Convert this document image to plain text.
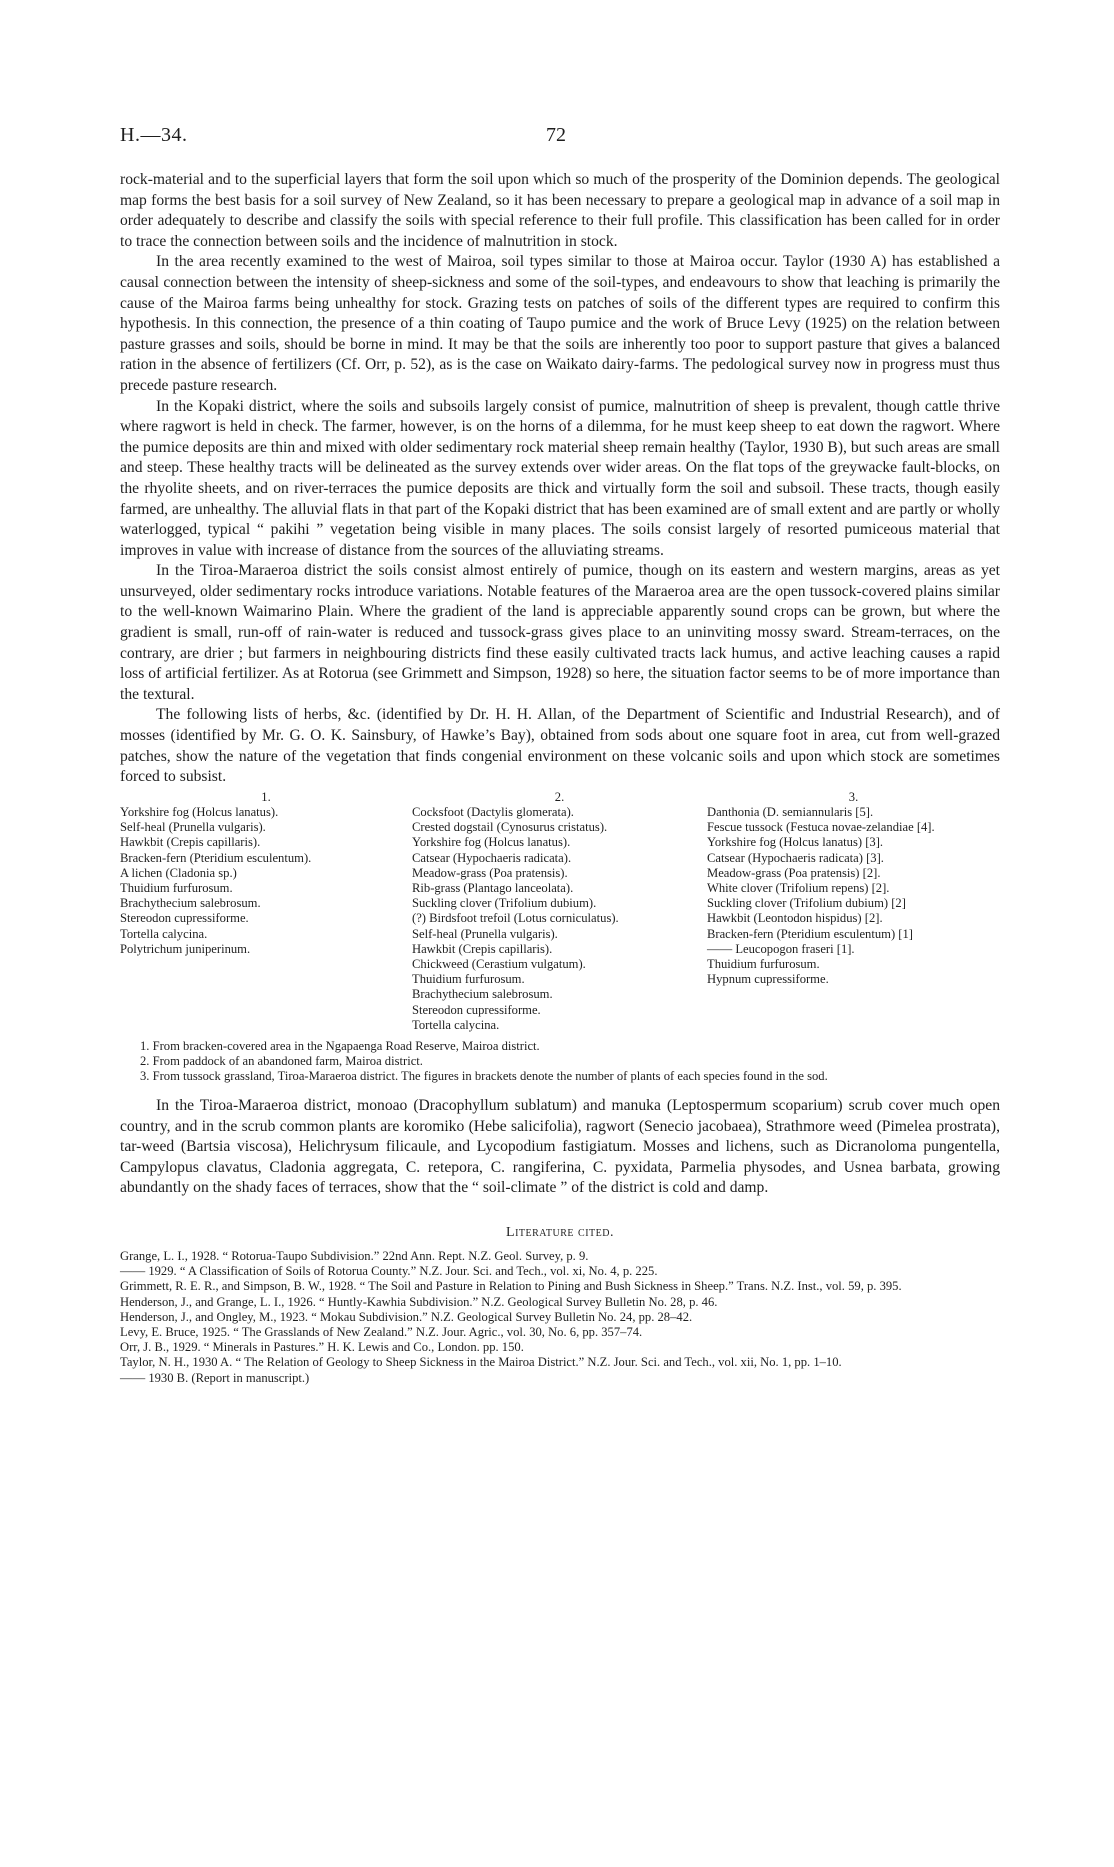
H.—34.	72

rock-material and to the superficial layers that form the soil upon which so much of the prosperity of the Dominion depends. The geological map forms the best basis for a soil survey of New Zealand, so it has been necessary to prepare a geological map in advance of a soil map in order adequately to describe and classify the soils with special reference to their full profile. This classification has been called for in order to trace the connection between soils and the incidence of malnutrition in stock.

In the area recently examined to the west of Mairoa, soil types similar to those at Mairoa occur. Taylor (1930 A) has established a causal connection between the intensity of sheep-sickness and some of the soil-types, and endeavours to show that leaching is primarily the cause of the Mairoa farms being unhealthy for stock. Grazing tests on patches of soils of the different types are required to confirm this hypothesis. In this connection, the presence of a thin coating of Taupo pumice and the work of Bruce Levy (1925) on the relation between pasture grasses and soils, should be borne in mind. It may be that the soils are inherently too poor to support pasture that gives a balanced ration in the absence of fertilizers (Cf. Orr, p. 52), as is the case on Waikato dairy-farms. The pedological survey now in progress must thus precede pasture research.

In the Kopaki district, where the soils and subsoils largely consist of pumice, malnutrition of sheep is prevalent, though cattle thrive where ragwort is held in check. The farmer, however, is on the horns of a dilemma, for he must keep sheep to eat down the ragwort. Where the pumice deposits are thin and mixed with older sedimentary rock material sheep remain healthy (Taylor, 1930 B), but such areas are small and steep. These healthy tracts will be delineated as the survey extends over wider areas. On the flat tops of the greywacke fault-blocks, on the rhyolite sheets, and on river-terraces the pumice deposits are thick and virtually form the soil and subsoil. These tracts, though easily farmed, are unhealthy. The alluvial flats in that part of the Kopaki district that has been examined are of small extent and are partly or wholly waterlogged, typical “ pakihi ” vegetation being visible in many places. The soils consist largely of resorted pumiceous material that improves in value with increase of distance from the sources of the alluviating streams.

In the Tiroa-Maraeroa district the soils consist almost entirely of pumice, though on its eastern and western margins, areas as yet unsurveyed, older sedimentary rocks introduce variations. Notable features of the Maraeroa area are the open tussock-covered plains similar to the well-known Waimarino Plain. Where the gradient of the land is appreciable apparently sound crops can be grown, but where the gradient is small, run-off of rain-water is reduced and tussock-grass gives place to an uninviting mossy sward. Stream-terraces, on the contrary, are drier ; but farmers in neighbouring districts find these easily cultivated tracts lack humus, and active leaching causes a rapid loss of artificial fertilizer. As at Rotorua (see Grimmett and Simpson, 1928) so here, the situation factor seems to be of more importance than the textural.

The following lists of herbs, &c. (identified by Dr. H. H. Allan, of the Department of Scientific and Industrial Research), and of mosses (identified by Mr. G. O. K. Sainsbury, of Hawke’s Bay), obtained from sods about one square foot in area, cut from well-grazed patches, show the nature of the vegetation that finds congenial environment on these volcanic soils and upon which stock are sometimes forced to subsist.

1.
Yorkshire fog (Holcus lanatus).
Self-heal (Prunella vulgaris).
Hawkbit (Crepis capillaris).
Bracken-fern (Pteridium esculentum).
A lichen (Cladonia sp.)
Thuidium furfurosum.
Brachythecium salebrosum.
Stereodon cupressiforme.
Tortella calycina.
Polytrichum juniperinum.
2.
Cocksfoot (Dactylis glomerata).
Crested dogstail (Cynosurus cristatus).
Yorkshire fog (Holcus lanatus).
Catsear (Hypochaeris radicata).
Meadow-grass (Poa pratensis).
Rib-grass (Plantago lanceolata).
Suckling clover (Trifolium dubium).
(?) Birdsfoot trefoil (Lotus corniculatus).
Self-heal (Prunella vulgaris).
Hawkbit (Crepis capillaris).
Chickweed (Cerastium vulgatum).
Thuidium furfurosum.
Brachythecium salebrosum.
Stereodon cupressiforme.
Tortella calycina.
3.
Danthonia (D. semiannularis [5].
Fescue tussock (Festuca novae-zelandiae [4].
Yorkshire fog (Holcus lanatus) [3].
Catsear (Hypochaeris radicata) [3].
Meadow-grass (Poa pratensis) [2].
White clover (Trifolium repens) [2].
Suckling clover (Trifolium dubium) [2]
Hawkbit (Leontodon hispidus) [2].
Bracken-fern (Pteridium esculentum) [1]
—— Leucopogon fraseri [1].
Thuidium furfurosum.
Hypnum cupressiforme.
1. From bracken-covered area in the Ngapaenga Road Reserve, Mairoa district.
2. From paddock of an abandoned farm, Mairoa district.
3. From tussock grassland, Tiroa-Maraeroa district. The figures in brackets denote the number of plants of each species found in the sod.

In the Tiroa-Maraeroa district, monoao (Dracophyllum sublatum) and manuka (Leptospermum scoparium) scrub cover much open country, and in the scrub common plants are koromiko (Hebe salicifolia), ragwort (Senecio jacobaea), Strathmore weed (Pimelea prostrata), tar-weed (Bartsia viscosa), Helichrysum filicaule, and Lycopodium fastigiatum. Mosses and lichens, such as Dicranoloma pungentella, Campylopus clavatus, Cladonia aggregata, C. retepora, C. rangiferina, C. pyxidata, Parmelia physodes, and Usnea barbata, growing abundantly on the shady faces of terraces, show that the “ soil-climate ” of the district is cold and damp.

Literature cited.
Grange, L. I., 1928. “ Rotorua-Taupo Subdivision.” 22nd Ann. Rept. N.Z. Geol. Survey, p. 9.
—— 1929. “ A Classification of Soils of Rotorua County.” N.Z. Jour. Sci. and Tech., vol. xi, No. 4, p. 225.
Grimmett, R. E. R., and Simpson, B. W., 1928. “ The Soil and Pasture in Relation to Pining and Bush Sickness in Sheep.” Trans. N.Z. Inst., vol. 59, p. 395.
Henderson, J., and Grange, L. I., 1926. “ Huntly-Kawhia Subdivision.” N.Z. Geological Survey Bulletin No. 28, p. 46.
Henderson, J., and Ongley, M., 1923. “ Mokau Subdivision.” N.Z. Geological Survey Bulletin No. 24, pp. 28–42.
Levy, E. Bruce, 1925. “ The Grasslands of New Zealand.” N.Z. Jour. Agric., vol. 30, No. 6, pp. 357–74.
Orr, J. B., 1929. “ Minerals in Pastures.” H. K. Lewis and Co., London. pp. 150.
Taylor, N. H., 1930 A. “ The Relation of Geology to Sheep Sickness in the Mairoa District.” N.Z. Jour. Sci. and Tech., vol. xii, No. 1, pp. 1–10.
—— 1930 B. (Report in manuscript.)
